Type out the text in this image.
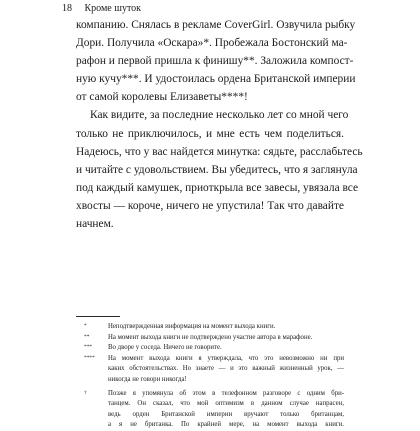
18 Кроме шуток
компанию. Снялась в рекламе CoverGirl. Озвучила рыбку
Дори. Получила «Оскара»*. Пробежала Бостонский ма-
рафон и первой пришла к финишу**. Заложила компост-
ную кучу***. И удостоилась ордена Британской империи
от самой королевы Елизаветы****!
Как видите, за последние несколько лет со мной чего
только не приключилось, и мне есть чем поделиться.
Надеюсь, что у вас найдется минутка: сядьте, расслабьтесь
и читайте с удовольствием. Вы убедитесь, что я заглянула
под каждый камушек, приоткрыла все завесы, увязала все
хвосты — короче, ничего не упустила! Так что давайте
начнем.
*	Неподтвержденная информация на момент выхода книги.
**	На момент выхода книги не подтверждено участие автора в марафоне.
***	Во дворе у соседа. Ничего не говорите.
****	На момент выхода книги я утверждала, что это невозможно ни при
каких обстоятельствах. Но знаете — и это важный жизненный урок, —
никогда не говори никогда!
†	Позже я упомянула об этом в телефонном разговоре с одним бри-
танцем. Он сказал, что мой оптимизм в данном случае напрасен,
ведь орден Британской империи вручают только британцам,
а я не британка. По крайней мере, на момент выхода книги.
